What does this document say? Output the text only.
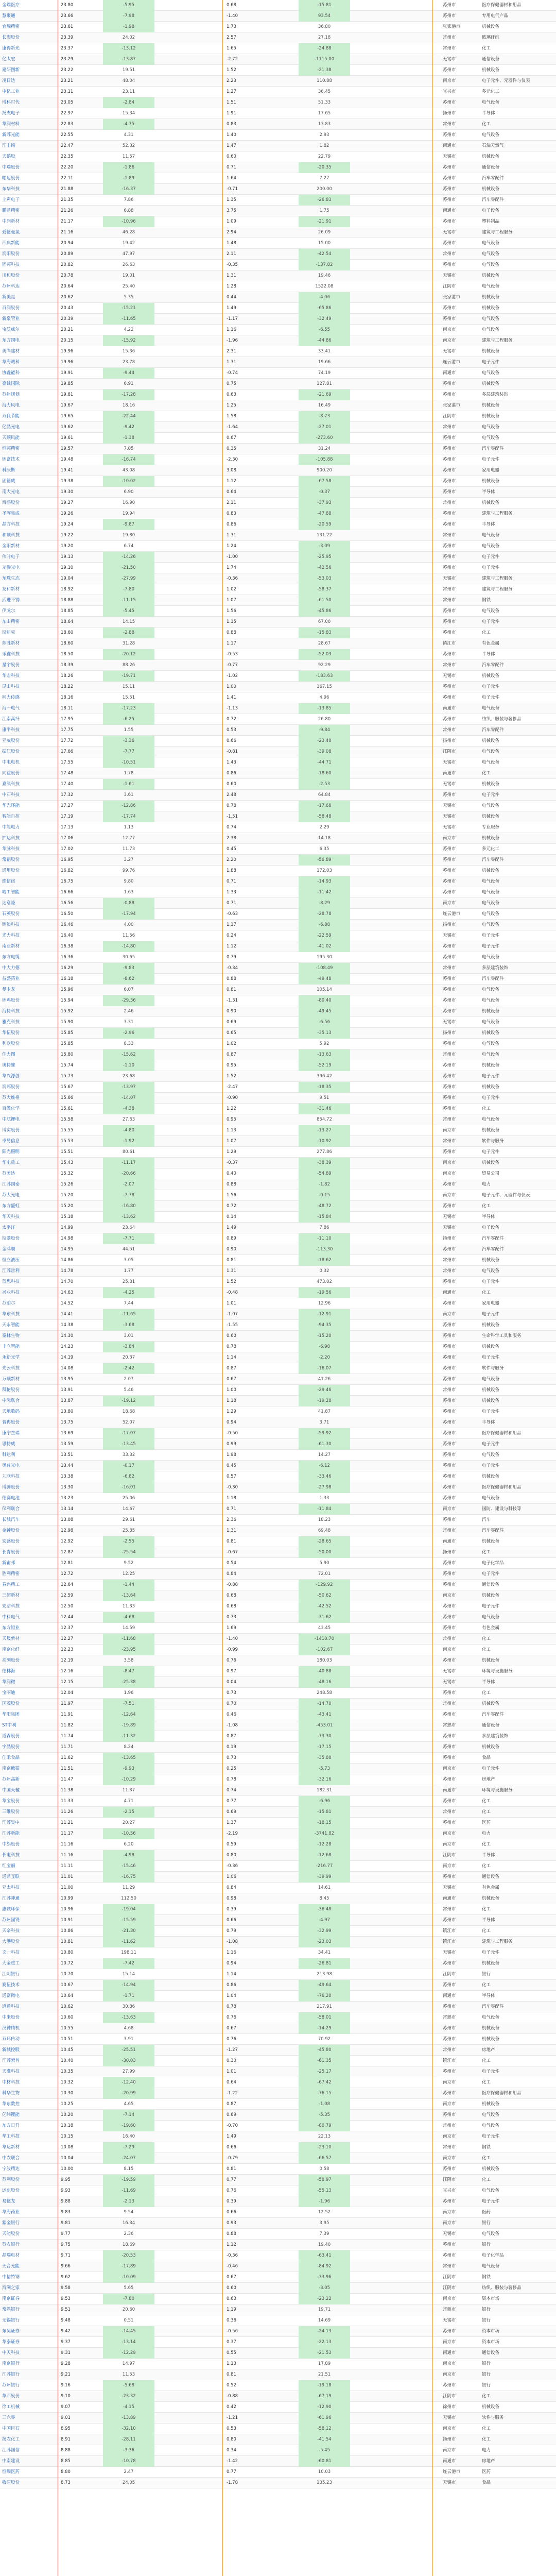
金瑞医疗	23.80	-5.95	0.68	-15.81	苏州市	医疗保健器材和用品
慧聚通	23.66	-7.98	-1.40	93.54	苏州市	专用电气产品
宜瑞精密	23.61	-1.98	1.73	36.80	张家港市	机械设备
长海股份	23.39	24.02	2.57	27.18	常州市	玻璃纤维
康得新光	23.37	-13.12	1.65	-24.88	常州市	化工
亿太宏	23.29	-13.87	-2.72	-1115.00	无锡市	通信设备
建研图新	23.22	19.51	1.52	-21.38	苏州市	机械设备
凌日达	23.21	48.04	2.23	110.88	南京市	电子元件、元器件与仪表
申亿工业	23.11	23.11	1.27	36.45	宜兴市	多元化工
博科时代	23.05	-2.84	1.51	51.33	苏州市	电气设备
扬杰电子	22.97	15.34	1.91	17.65	扬州市	半导体
华润材料	22.83	-4.75	0.83	13.83	常州市	化工
新苏光能	22.55	4.31	1.40	2.93	苏州市	电气设备
江丰铭	22.47	52.32	1.47	1.82	南通市	石油天然气
天鹅股	22.35	11.57	0.60	22.79	无锡市	机械设备
中瑞股份	22.20	-1.86	0.71	-20.35	苏州市	通信设备
帕迈股份	22.11	-1.89	1.64	7.27	苏州市	汽车零配件
东华科技	21.88	-16.37	-0.71	200.00	苏州市	机械设备
上声电子	21.35	7.86	1.35	-26.83	苏州市	汽车零配件
鹏鼎精密	21.26	6.88	3.75	1.75	南通市	电子设备
中润新材	21.17	-10.96	1.09	-21.91	苏州市	塑料制品
爱德曼氢	21.16	46.28	2.94	26.09	无锡市	建筑与工程服务
西典新能	20.94	19.42	1.48	15.00	苏州市	电气设备
润阳股份	20.89	47.97	2.11	-42.54	常州市	电气设备
固邦科技	20.82	26.63	-0.35	-137.82	苏州市	电气设备
川和股份	20.78	19.01	1.31	19.46	无锡市	机械设备
苏州科达	20.64	25.40	1.28	1522.08	江阴市	电气设备
新美星	20.62	5.35	0.44	-4.06	张家港市	机械设备
百润股份	20.43	-15.21	1.49	-65.86	苏州市	机械设备
新泉管业	20.39	-11.65	-1.17	-32.49	苏州市	电气设备
宝沃威尔	20.21	4.22	1.16	-6.55	南京市	电气设备
东方国电	20.15	-15.92	-1.96	-44.86	南京市	建筑与工程服务
美尚建材	19.96	15.36	2.31	33.41	无锡市	机械设备
华海诚科	19.96	23.78	1.31	19.66	连云港市	电子元件
协鑫能科	19.91	-9.44	-0.74	74.19	南通市	电气设备
嘉诚国际	19.85	6.91	0.75	127.81	苏州市	机械设备
苏州规划	19.81	-17.28	0.63	-21.69	苏州市	多层建筑装饰
海力风电	19.67	18.16	1.25	16.49	张家港市	机械设备
双良节能	19.65	-22.44	1.58	-8.73	江阴市	机械设备
亿晶光电	19.62	-9.42	-1.64	-27.01	常州市	电气设备
天顺风能	19.61	-1.38	0.67	-273.60	苏州市	电气设备
恒邦精密	19.57	7.05	0.35	31.24	苏州市	汽车零配件
锦富技术	19.48	-16.74	-2.30	-105.88	苏州市	电子元件
科沃斯	19.41	43.08	3.08	900.20	苏州市	家用电器
固德威	19.38	-10.02	1.12	-67.58	苏州市	机械设备
南大光电	19.30	6.90	0.64	-0.37	苏州市	半导体
海鸥股份	19.27	16.90	2.11	-37.93	常州市	机械设备
圣晖集成	19.26	19.94	0.83	-47.88	苏州市	建筑与工程服务
晶方科技	19.24	-9.87	0.86	-20.59	苏州市	半导体
和顺科技	19.22	19.80	1.31	131.22	常州市	电气设备
金阳新材	19.20	6.74	1.24	-3.09	苏州市	电气设备
伟时电子	19.13	-14.26	-1.00	-25.95	苏州市	电子元件
龙腾光电	19.10	-21.50	1.74	-42.56	苏州市	电子元件
东珠生态	19.04	-27.99	-0.36	-53.03	无锡市	建筑与工程服务
友和新材	18.92	-7.80	1.02	-58.37	常州市	建筑与工程服务
武进不锈	18.88	-11.15	1.07	-61.50	常州市	钢铁
伊戈尔	18.85	-5.45	1.56	-45.86	苏州市	电气设备
东山精密	18.64	14.15	1.15	67.00	苏州市	电子元件
斯迪克	18.60	-2.88	0.88	-15.83	苏州市	化工
鼎胜新材	18.60	31.28	1.17	28.67	镇江市	有色金属
乐鑫科技	18.50	-20.12	-0.53	-52.03	苏州市	半导体
星宇股份	18.39	88.26	-0.77	92.29	常州市	汽车零配件
华宏科技	18.26	-19.71	-1.02	-183.63	无锡市	机械设备
昆山科技	18.22	15.11	1.00	167.15	苏州市	电子元件
柯力传感	18.16	15.51	1.41	4.96	苏州市	电子元件
海一电气	18.11	-17.23	-1.13	-13.85	南通市	电气设备
江南高纤	17.95	-6.25	0.72	26.80	苏州市	纺织、服装与奢侈品
康平科技	17.75	1.55	0.53	-9.84	常州市	汽车零配件
亚威股份	17.72	-3.36	0.66	-23.40	扬州市	机械设备
振江股份	17.66	-7.77	-0.81	-39.08	江阴市	电气设备
中电电机	17.55	-10.51	1.43	-44.71	无锡市	电气设备
同益股份	17.48	1.78	0.86	-18.60	南通市	化工
嘉澳科技	17.40	-1.61	0.60	-2.53	无锡市	机械设备
中石科技	17.32	3.61	2.48	64.84	苏州市	电子元件
华光环能	17.27	-12.86	0.78	-17.68	无锡市	电气设备
智能自控	17.19	-17.74	-1.51	-58.48	无锡市	机械设备
中能电力	17.13	1.13	0.74	2.29	无锡市	专业服务
扩达科技	17.06	12.77	2.38	14.18	南京市	机械设备
华脉科技	17.02	11.73	0.45	6.35	苏州市	多元化工
常铝股份	16.95	3.27	2.20	-56.89	苏州市	汽车零配件
通用股份	16.82	99.76	1.88	172.03	苏州市	机械设备
维信诺	16.75	9.80	0.71	-14.93	苏州市	电气设备
哈工智能	16.66	1.63	1.33	-11.42	苏州市	电气设备
达意隆	16.56	-0.88	0.71	-8.29	南京市	电气设备
石英股份	16.50	-17.94	-0.63	-28.78	连云港市	电气设备
锦浪科技	16.46	4.00	1.17	-6.88	扬州市	电气设备
光力科技	16.40	11.56	0.24	-22.59	无锡市	电子元件
南亚新材	16.38	-14.80	1.12	-41.02	苏州市	电子元件
东方电缆	16.36	30.65	0.79	195.30	苏州市	电气设备
中大力德	16.29	-9.83	-0.34	-108.49	常州市	多层建筑装饰
益盛药业	16.18	-8.62	0.88	-49.48	苏州市	汽车零配件
曼卡龙	15.96	6.07	0.81	105.14	苏州市	电气设备
锦鸡股份	15.94	-29.36	-1.31	-80.40	苏州市	电气设备
海特科技	15.92	2.46	0.90	-49.45	苏州市	机械设备
雅克科技	15.90	3.31	0.69	-6.56	无锡市	电气设备
华伍股份	15.85	-2.96	0.65	-35.13	扬州市	机械设备
利欧股份	15.85	8.33	1.02	5.92	苏州市	电气设备
佳力图	15.80	-15.62	0.87	-13.63	常州市	电气设备
奥特维	15.74	-1.10	0.95	-52.19	苏州市	机械设备
华兴源创	15.73	23.68	1.52	396.42	苏州市	电子元件
润邦股份	15.67	-13.97	-2.47	-18.35	苏州市	机械设备
苏大维格	15.66	-14.07	-0.90	9.51	苏州市	电子元件
百傲化学	15.61	-4.38	1.22	-31.46	苏州市	化工
中航锂电	15.58	27.63	0.95	854.72	常州市	电气设备
博实股份	15.55	-4.80	1.13	-13.27	南京市	机械设备
卓易信息	15.53	-1.92	1.07	-10.92	常州市	软件与服务
阳光照明	15.51	80.61	1.29	277.86	苏州市	电子元件
华电重工	15.43	-11.17	-0.37	-38.39	南京市	机械设备
苏美达	15.32	-20.66	0.40	-54.89	南京市	贸易公司
江苏国泰	15.26	-2.07	0.88	-1.82	苏州市	电力
苏大光电	15.20	-7.78	1.56	-0.15	南京市	电子元件、元器件与仪表
东方盛虹	15.20	-16.80	0.72	-48.72	苏州市	化工
华天科技	15.18	-13.62	0.14	-15.84	无锡市	半导体
太平洋	14.99	23.64	1.49	7.86	无锡市	电子设备
斯菱股份	14.98	-7.71	0.89	-11.10	扬州市	汽车零配件
金鸿顺	14.95	44.51	0.90	-113.30	苏州市	汽车零配件
恒立液压	14.86	3.05	0.81	-18.62	常州市	机械设备
江苏雷利	14.78	1.77	1.31	0.32	常州市	电气设备
蓝思科技	14.70	25.81	1.52	473.02	苏州市	电子元件
兴业科技	14.63	-4.25	-0.48	-19.56	南通市	化工
苏泊尔	14.52	7.44	1.01	12.96	苏州市	家用电器
华东科技	14.41	-11.65	-1.07	-12.91	南京市	电子元件
天永智能	14.38	-3.68	-1.55	-94.35	苏州市	机械设备
泰林生物	14.30	3.01	0.60	-15.20	苏州市	生命科学工具和服务
丰立智能	14.23	-3.84	0.78	-6.98	苏州市	机械设备
永新光学	14.19	20.37	1.14	-2.20	苏州市	电子元件
光云科技	14.08	-2.42	0.87	-16.07	苏州市	软件与服务
万顺新材	13.95	2.07	0.67	41.26	苏州市	电气设备
凯伦股份	13.91	5.46	1.00	-29.46	常州市	机械设备
中际联合	13.87	-19.12	1.18	-19.28	苏州市	机械设备
天地数码	13.80	18.68	1.29	41.87	苏州市	电子元件
普冉股份	13.75	52.07	0.94	3.71	苏州市	半导体
康宁杰瑞	13.69	-17.07	-0.50	-59.92	苏州市	医疗保健器材和用品
思特威	13.59	-13.45	0.99	-61.30	苏州市	电子元件
科达利	13.51	33.32	1.98	14.27	苏州市	电气设备
奥普光电	13.44	-0.17	0.45	-6.12	苏州市	电子元件
九联科技	13.38	-6.82	0.57	-33.46	苏州市	机械设备
博腾股份	13.30	-16.01	-0.30	-27.98	苏州市	医疗保健器材和用品
德赛电池	13.23	25.06	1.18	1.33	苏州市	电气设备
保利联合	13.14	14.67	0.71	-11.84	南京市	国防、建设与科技等
长城汽车	13.08	29.61	2.36	18.23	苏州市	汽车
金钟股份	12.98	25.85	1.31	69.48	常州市	汽车零配件
宏盛股份	12.92	-2.55	0.81	-28.65	南通市	机械设备
长青股份	12.87	-25.54	-0.67	-50.00	扬州市	化工
新宙邦	12.81	9.52	0.54	5.90	苏州市	电子化学品
胜利精密	12.72	12.25	0.84	72.01	苏州市	电子元件
春兴精工	12.64	-1.44	-0.88	-129.92	苏州市	通信设备
三超新材	12.59	-13.64	0.68	-50.62	南京市	机械设备
安洁科技	12.50	11.33	0.68	-42.52	苏州市	电子元件
中科电气	12.44	-4.68	0.73	-31.62	苏州市	电气设备
东方钽业	12.37	14.59	1.69	43.45	苏州市	有色金属
天晟新材	12.27	-11.68	-1.40	-1410.70	常州市	化工
南京化纤	12.23	-23.95	-0.99	-102.67	南京市	化工
高测股份	12.19	3.58	0.76	180.03	苏州市	机械设备
德林海	12.16	-8.47	0.97	-40.88	无锡市	环境与设施服务
华润微	12.15	-25.38	0.04	-48.16	无锡市	半导体
宝丽迪	12.04	1.96	0.73	248.58	苏州市	化工
国茂股份	11.97	-7.51	0.70	-14.70	常州市	机械设备
华阳集团	11.91	-12.64	0.46	-43.41	苏州市	汽车零配件
ST中利	11.82	-19.89	-1.08	-453.01	常熟市	通信设备
道森股份	11.74	-11.32	0.87	-73.30	苏州市	多层建筑装饰
宇晶股份	11.71	8.24	0.19	-17.15	苏州市	机械设备
佳禾食品	11.62	-13.65	0.73	-35.80	苏州市	食品
南京熊猫	11.51	-9.93	0.25	-5.73	南京市	电子元件
苏州高新	11.47	-10.29	0.78	-32.16	苏州市	房地产
中国天楹	11.38	11.37	0.74	182.31	南通市	环境与设施服务
华宝股份	11.33	4.71	0.77	-6.96	苏州市	化工
三维股份	11.26	-2.15	0.69	-15.81	常州市	化工
江苏吴中	11.21	20.27	1.37	-18.15	苏州市	医药
江苏新能	11.17	-10.56	-2.19	-3741.82	南京市	电力
中旗股份	11.16	6.20	0.59	-12.28	南京市	化工
长电科技	11.16	-4.98	0.80	-12.68	江阴市	半导体
红宝丽	11.11	-15.46	-0.36	-216.77	南京市	化工
通鼎互联	11.01	-16.75	1.06	-39.99	苏州市	通信设备
亚太科技	11.00	11.29	0.84	14.61	无锡市	有色金属
江苏神通	10.99	112.50	0.98	8.45	南通市	机械设备
惠城环保	10.96	-19.04	0.39	-36.48	常州市	化工
苏州固锝	10.91	-15.59	0.66	-4.97	苏州市	半导体
天奈科技	10.86	-21.30	0.79	-32.99	镇江市	化工
大港股份	10.81	-11.62	-1.08	-23.03	镇江市	建筑与工程服务
文一科技	10.80	198.11	1.16	34.41	无锡市	电子元件
大金重工	10.72	-7.42	0.94	-26.81	苏州市	机械设备
江阴银行	10.70	15.14	1.14	213.98	江阴市	银行
赛伍技术	10.67	-14.94	0.86	-49.64	苏州市	化工
通富微电	10.64	-1.71	1.04	-76.20	南通市	半导体
道通科技	10.62	30.86	0.78	217.91	苏州市	汽车零配件
中来股份	10.60	-13.63	0.76	-58.01	常熟市	电气设备
汉钟精机	10.55	4.68	0.67	-14.29	苏州市	机械设备
双环传动	10.51	3.91	0.76	70.92	苏州市	机械设备
新城控股	10.45	-25.51	-1.27	-45.80	常州市	房地产
江苏索普	10.40	-30.03	0.30	-61.35	镇江市	化工
天准科技	10.35	27.99	1.01	-25.17	苏州市	电子元件
中材科技	10.32	-12.40	0.64	-67.42	南京市	化工
科华生物	10.30	-20.99	-1.22	-76.15	苏州市	医疗保健器材和用品
华东数控	10.25	4.65	0.87	-1.08	南京市	机械设备
亿纬锂能	10.20	-7.14	0.69	-5.35	苏州市	电气设备
东方日升	10.18	-19.60	-0.70	-80.79	常州市	电气设备
华工科技	10.15	16.40	1.49	22.13	南京市	电子元件
华达新材	10.08	-7.29	0.66	-23.10	常州市	钢铁
中农联合	10.04	-24.07	-0.79	-66.57	南京市	化工
宁波精达	10.00	8.15	0.81	0.58	苏州市	机械设备
苏利股份	9.95	-19.59	0.77	-58.97	江阴市	化工
远东股份	9.93	-11.69	0.76	-55.13	宜兴市	电气设备
易德龙	9.88	-2.13	0.39	-1.96	苏州市	电子元件
华海药业	9.83	9.54	0.66	12.52	南京市	医药
紫金银行	9.81	16.34	0.93	3.95	南京市	银行
天能股份	9.77	2.36	0.88	7.39	无锡市	电气设备
苏农银行	9.75	18.69	1.12	19.40	苏州市	银行
晶瑞电材	9.71	-20.53	-0.36	-63.41	苏州市	电子化学品
天合光能	9.66	-17.89	-0.46	-84.92	常州市	电气设备
中信特钢	9.62	-10.09	0.67	-33.96	江阴市	钢铁
海澜之家	9.58	5.65	0.60	-3.05	江阴市	纺织、服装与奢侈品
南京证券	9.53	-7.80	0.63	-23.22	南京市	资本市场
常熟银行	9.51	20.60	1.19	19.71	常熟市	银行
无锡银行	9.48	0.51	0.36	14.69	无锡市	银行
东吴证券	9.42	-14.45	-0.56	-24.13	苏州市	资本市场
华泰证券	9.37	-13.14	0.37	-22.13	南京市	资本市场
中天科技	9.31	-12.29	0.55	-21.53	南通市	通信设备
南京银行	9.28	14.97	1.13	17.89	南京市	银行
江苏银行	9.21	11.53	0.81	21.51	南京市	银行
苏州银行	9.16	-5.68	0.52	-19.18	苏州市	银行
华西股份	9.10	-23.32	-0.88	-67.19	江阴市	化工
徐工机械	9.07	-4.15	0.42	-12.90	徐州市	机械设备
三六零	9.01	-13.89	-1.21	-61.96	无锡市	软件与服务
中国巨石	8.95	-32.10	0.53	-58.12	南京市	化工
扬农化工	8.91	-28.11	0.80	-41.54	扬州市	化工
江苏国信	8.88	-3.36	0.34	-5.45	南京市	电力
中南建设	8.85	-10.78	-1.42	-60.81	南通市	房地产
恒瑞医药	8.80	2.47	0.77	10.03	连云港市	医药
牧原股份	8.73	24.05	-1.78	135.23	无锡市	食品
